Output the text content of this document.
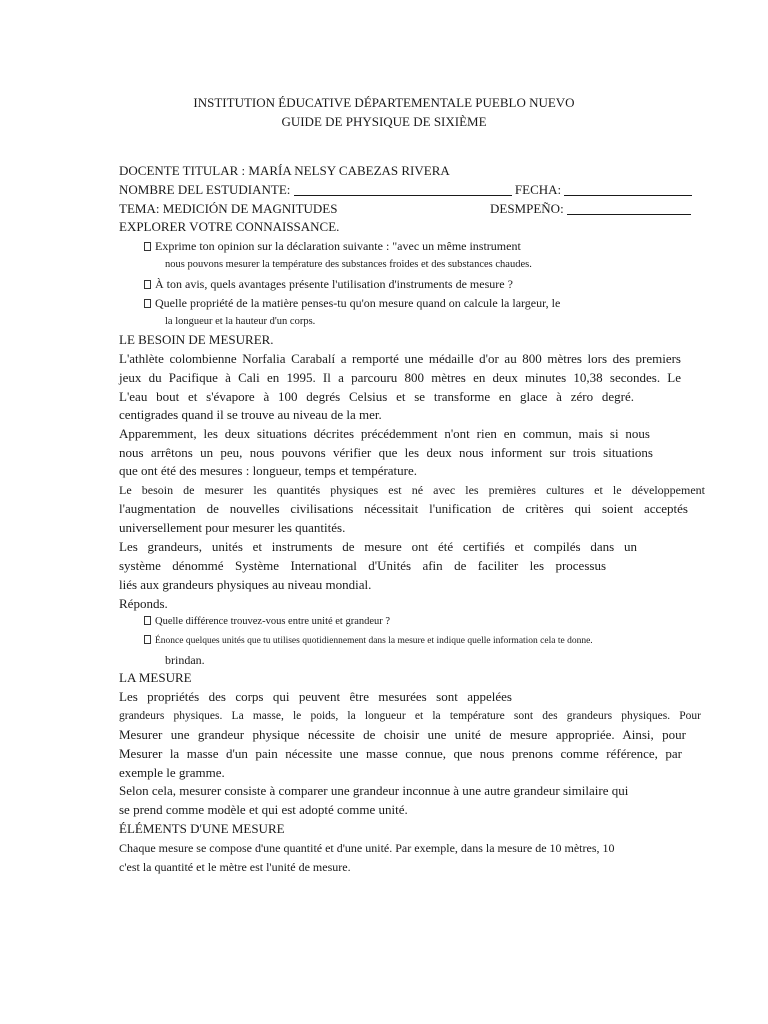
INSTITUTION ÉDUCATIVE DÉPARTEMENTALE PUEBLO NUEVO
GUIDE DE PHYSIQUE DE SIXIÈME
DOCENTE TITULAR : MARÍA NELSY CABEZAS RIVERA
NOMBRE DEL ESTUDIANTE:	FECHA:
TEMA: MEDICIÓN DE MAGNITUDES	DESMPEÑO:
EXPLORER VOTRE CONNAISSANCE.
Exprime ton opinion sur la déclaration suivante : "avec un même instrument
nous pouvons mesurer la température des substances froides et des substances chaudes.
À ton avis, quels avantages présente l'utilisation d'instruments de mesure ?
Quelle propriété de la matière penses-tu qu'on mesure quand on calcule la largeur, le
la longueur et la hauteur d'un corps.
LE BESOIN DE MESURER.
L'athlète colombienne Norfalia Carabalí a remporté une médaille d'or au 800 mètres lors des premiers
jeux du Pacifique à Cali en 1995. Il a parcouru 800 mètres en deux minutes 10,38 secondes. Le
L'eau bout et s'évapore à 100 degrés Celsius et se transforme en glace à zéro degré.
centigrades quand il se trouve au niveau de la mer.
Apparemment, les deux situations décrites précédemment n'ont rien en commun, mais si nous
nous arrêtons un peu, nous pouvons vérifier que les deux nous informent sur trois situations
que ont été des mesures : longueur, temps et température.
Le besoin de mesurer les quantités physiques est né avec les premières cultures et le développement
l'augmentation de nouvelles civilisations nécessitait l'unification de critères qui soient acceptés
universellement pour mesurer les quantités.
Les grandeurs, unités et instruments de mesure ont été certifiés et compilés dans un
système dénommé Système International d'Unités afin de faciliter les processus
liés aux grandeurs physiques au niveau mondial.
Réponds.
Quelle différence trouvez-vous entre unité et grandeur ?
Énonce quelques unités que tu utilises quotidiennement dans la mesure et indique quelle information cela te donne.
brindan.
LA MESURE
Les propriétés des corps qui peuvent être mesurées sont appelées
grandeurs physiques. La masse, le poids, la longueur et la température sont des grandeurs physiques. Pour
Mesurer une grandeur physique nécessite de choisir une unité de mesure appropriée. Ainsi, pour
Mesurer la masse d'un pain nécessite une masse connue, que nous prenons comme référence, par
exemple le gramme.
Selon cela, mesurer consiste à comparer une grandeur inconnue à une autre grandeur similaire qui
se prend comme modèle et qui est adopté comme unité.
ÉLÉMENTS D'UNE MESURE
Chaque mesure se compose d'une quantité et d'une unité. Par exemple, dans la mesure de 10 mètres, 10
c'est la quantité et le mètre est l'unité de mesure.
